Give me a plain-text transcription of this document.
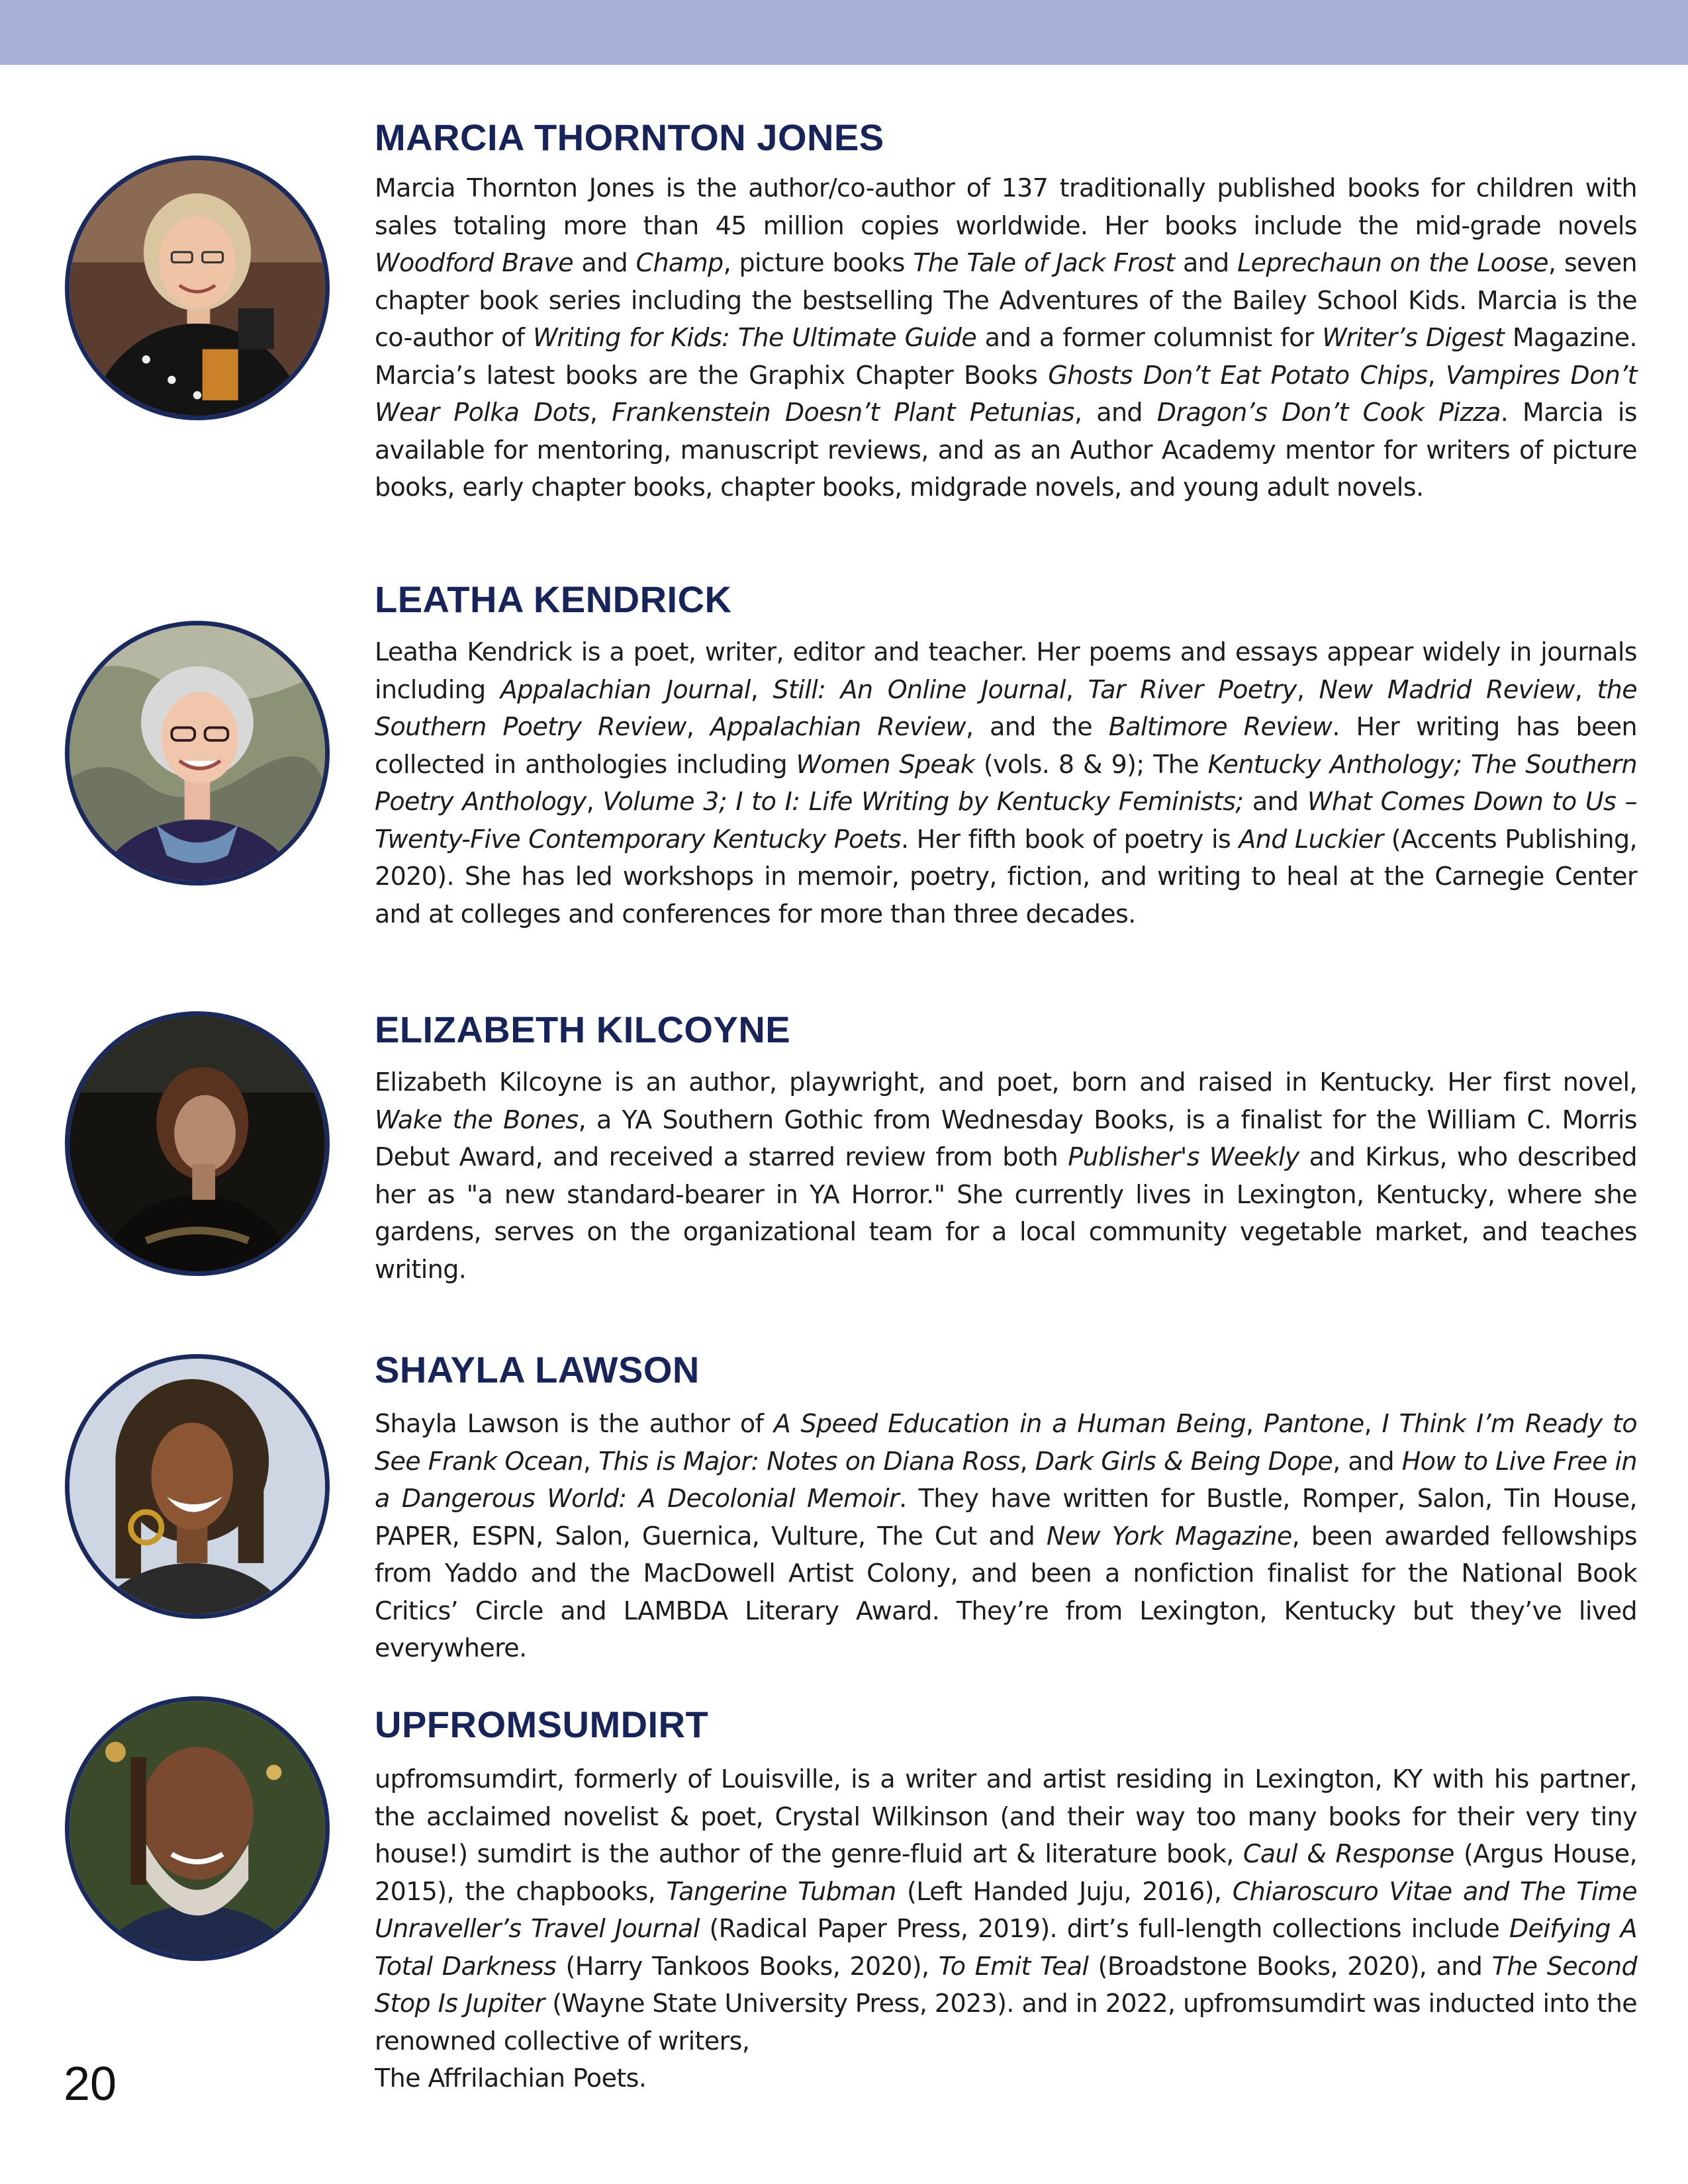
MARCIA THORNTON JONES

Marcia Thornton Jones is the author/co-author of 137 traditionally published books for children with sales totaling more than 45 million copies worldwide. Her books include the mid-grade novels Woodford Brave and Champ, picture books The Tale of Jack Frost and Leprechaun on the Loose, seven chapter book series including the bestselling The Adventures of the Bailey School Kids. Marcia is the co-author of Writing for Kids: The Ultimate Guide and a former columnist for Writer’s Digest Magazine. Marcia’s latest books are the Graphix Chapter Books Ghosts Don’t Eat Potato Chips, Vampires Don’t Wear Polka Dots, Frankenstein Doesn’t Plant Petunias, and Dragon’s Don’t Cook Pizza. Marcia is available for mentoring, manuscript reviews, and as an Author Academy mentor for writers of picture books, early chapter books, chapter books, midgrade novels, and young adult novels.

LEATHA KENDRICK

Leatha Kendrick is a poet, writer, editor and teacher. Her poems and essays appear widely in journals including Appalachian Journal, Still: An Online Journal, Tar River Poetry, New Madrid Review, the Southern Poetry Review, Appalachian Review, and the Baltimore Review. Her writing has been collected in anthologies including Women Speak (vols. 8 & 9); The Kentucky Anthology; The Southern Poetry Anthology, Volume 3; I to I: Life Writing by Kentucky Feminists; and What Comes Down to Us – Twenty-Five Contemporary Kentucky Poets. Her fifth book of poetry is And Luckier (Accents Publishing, 2020). She has led workshops in memoir, poetry, fiction, and writing to heal at the Carnegie Center and at colleges and conferences for more than three decades.

ELIZABETH KILCOYNE

Elizabeth Kilcoyne is an author, playwright, and poet, born and raised in Kentucky. Her first novel, Wake the Bones, a YA Southern Gothic from Wednesday Books, is a finalist for the William C. Morris Debut Award, and received a starred review from both Publisher's Weekly and Kirkus, who described her as "a new standard-bearer in YA Horror." She currently lives in Lexington, Kentucky, where she gardens, serves on the organizational team for a local community vegetable market, and teaches writing.

SHAYLA LAWSON

Shayla Lawson is the author of A Speed Education in a Human Being, Pantone, I Think I’m Ready to See Frank Ocean, This is Major: Notes on Diana Ross, Dark Girls & Being Dope, and How to Live Free in a Dangerous World: A Decolonial Memoir. They have written for Bustle, Romper, Salon, Tin House, PAPER, ESPN, Salon, Guernica, Vulture, The Cut and New York Magazine, been awarded fellowships from Yaddo and the MacDowell Artist Colony, and been a nonfiction finalist for the National Book Critics’ Circle and LAMBDA Literary Award. They’re from Lexington, Kentucky but they’ve lived everywhere.

UPFROMSUMDIRT

upfromsumdirt, formerly of Louisville, is a writer and artist residing in Lexington, KY with his partner, the acclaimed novelist & poet, Crystal Wilkinson (and their way too many books for their very tiny house!) sumdirt is the author of the genre-fluid art & literature book, Caul & Response (Argus House, 2015), the chapbooks, Tangerine Tubman (Left Handed Juju, 2016), Chiaroscuro Vitae and The Time Unraveller’s Travel Journal (Radical Paper Press, 2019). dirt’s full-length collections include Deifying A Total Darkness (Harry Tankoos Books, 2020), To Emit Teal (Broadstone Books, 2020), and The Second Stop Is Jupiter (Wayne State University Press, 2023). and in 2022, upfromsumdirt was inducted into the renowned collective of writers,
The Affrilachian Poets.

20
